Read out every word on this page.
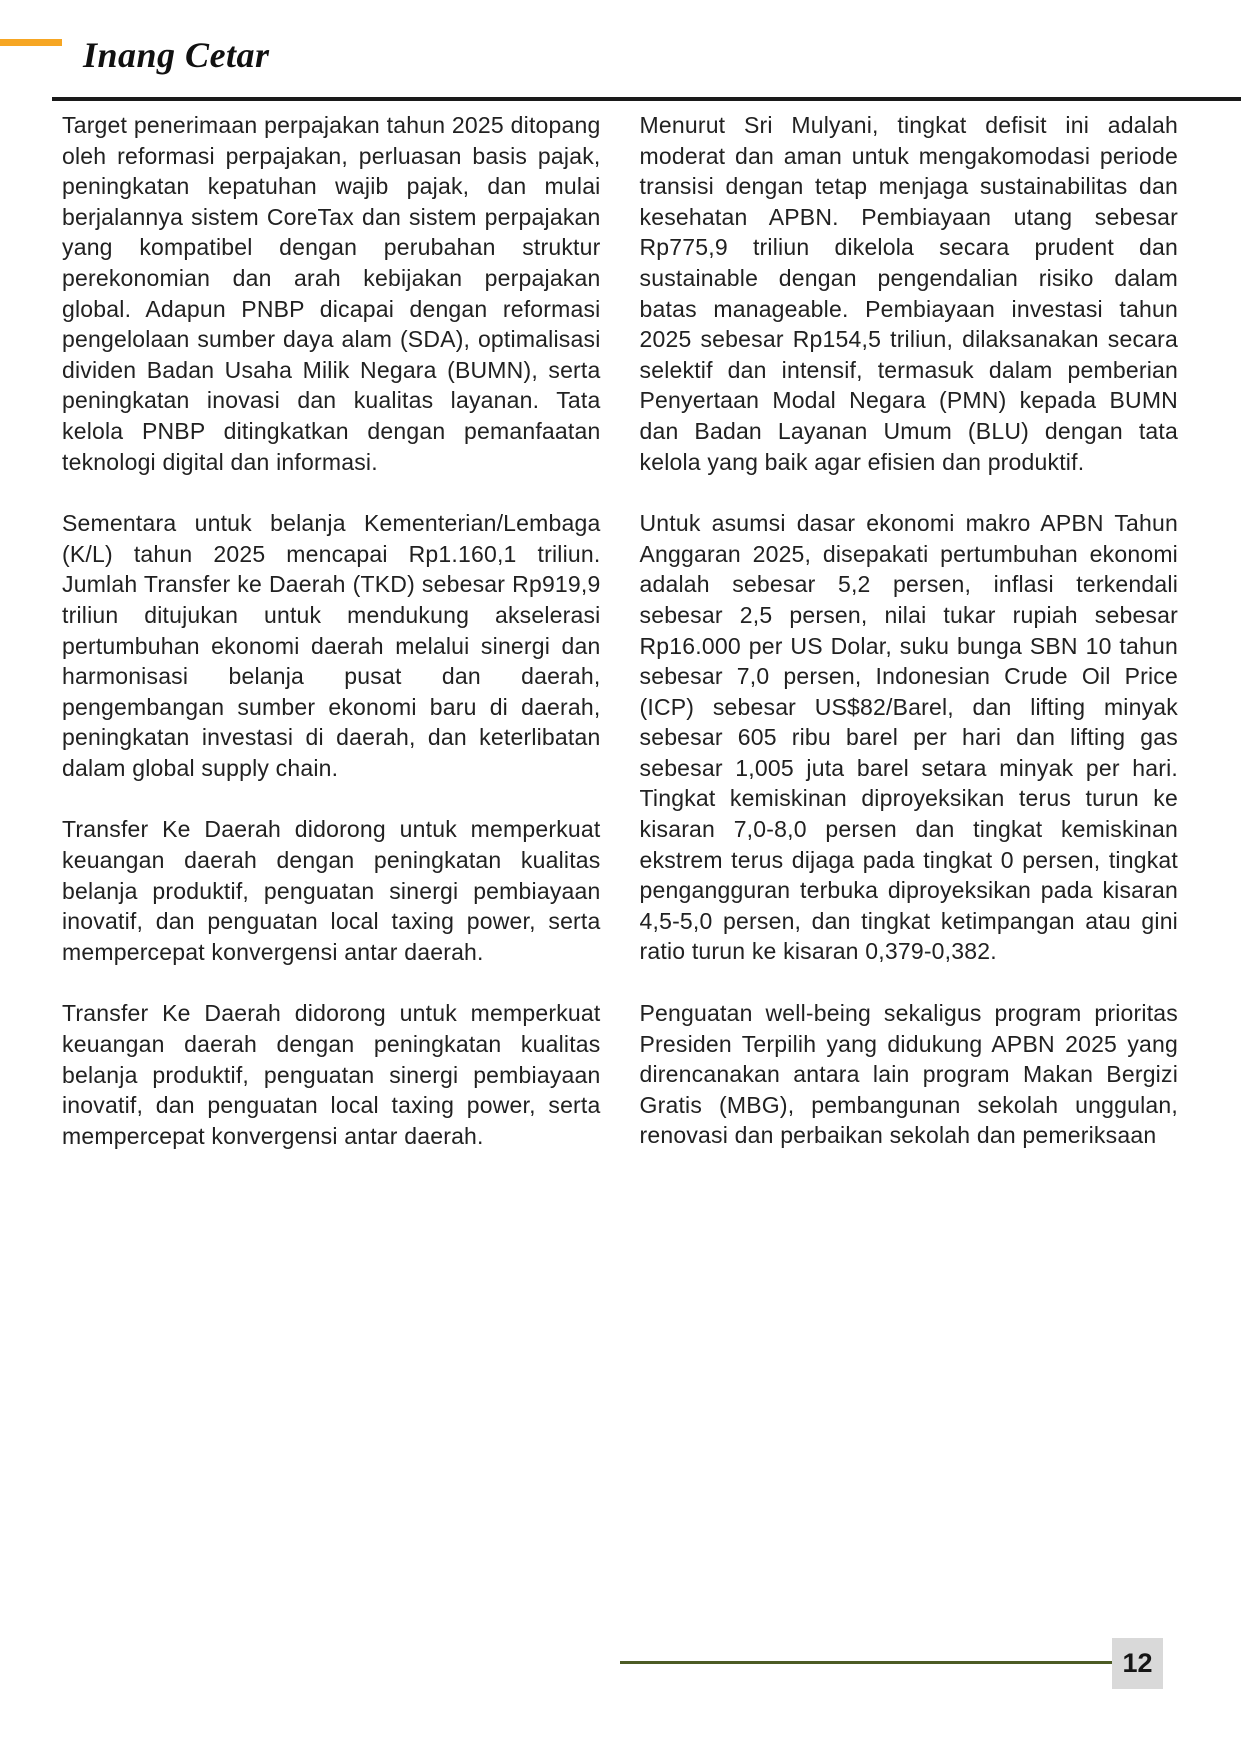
Inang Cetar

Target penerimaan perpajakan tahun 2025 ditopang oleh reformasi perpajakan, perluasan basis pajak, peningkatan kepatuhan wajib pajak, dan mulai berjalannya sistem CoreTax dan sistem perpajakan yang kompatibel dengan perubahan struktur perekonomian dan arah kebijakan perpajakan global. Adapun PNBP dicapai dengan reformasi pengelolaan sumber daya alam (SDA), optimalisasi dividen Badan Usaha Milik Negara (BUMN), serta peningkatan inovasi dan kualitas layanan. Tata kelola PNBP ditingkatkan dengan pemanfaatan teknologi digital dan informasi.

Sementara untuk belanja Kementerian/Lembaga (K/L) tahun 2025 mencapai Rp1.160,1 triliun. Jumlah Transfer ke Daerah (TKD) sebesar Rp919,9 triliun ditujukan untuk mendukung akselerasi pertumbuhan ekonomi daerah melalui sinergi dan harmonisasi belanja pusat dan daerah, pengembangan sumber ekonomi baru di daerah, peningkatan investasi di daerah, dan keterlibatan dalam global supply chain.

Transfer Ke Daerah didorong untuk memperkuat keuangan daerah dengan peningkatan kualitas belanja produktif, penguatan sinergi pembiayaan inovatif, dan penguatan local taxing power, serta mempercepat konvergensi antar daerah.

Transfer Ke Daerah didorong untuk memperkuat keuangan daerah dengan peningkatan kualitas belanja produktif, penguatan sinergi pembiayaan inovatif, dan penguatan local taxing power, serta mempercepat konvergensi antar daerah.

Menurut Sri Mulyani, tingkat defisit ini adalah moderat dan aman untuk mengakomodasi periode transisi dengan tetap menjaga sustainabilitas dan kesehatan APBN. Pembiayaan utang sebesar Rp775,9 triliun dikelola secara prudent dan sustainable dengan pengendalian risiko dalam batas manageable. Pembiayaan investasi tahun 2025 sebesar Rp154,5 triliun, dilaksanakan secara selektif dan intensif, termasuk dalam pemberian Penyertaan Modal Negara (PMN) kepada BUMN dan Badan Layanan Umum (BLU) dengan tata kelola yang baik agar efisien dan produktif.

Untuk asumsi dasar ekonomi makro APBN Tahun Anggaran 2025, disepakati pertumbuhan ekonomi adalah sebesar 5,2 persen, inflasi terkendali sebesar 2,5 persen, nilai tukar rupiah sebesar Rp16.000 per US Dolar, suku bunga SBN 10 tahun sebesar 7,0 persen, Indonesian Crude Oil Price (ICP) sebesar US$82/Barel, dan lifting minyak sebesar 605 ribu barel per hari dan lifting gas sebesar 1,005 juta barel setara minyak per hari. Tingkat kemiskinan diproyeksikan terus turun ke kisaran 7,0-8,0 persen dan tingkat kemiskinan ekstrem terus dijaga pada tingkat 0 persen, tingkat pengangguran terbuka diproyeksikan pada kisaran 4,5-5,0 persen, dan tingkat ketimpangan atau gini ratio turun ke kisaran 0,379-0,382.

Penguatan well-being sekaligus program prioritas Presiden Terpilih yang didukung APBN 2025 yang direncanakan antara lain program Makan Bergizi Gratis (MBG), pembangunan sekolah unggulan, renovasi dan perbaikan sekolah dan pemeriksaan

12
